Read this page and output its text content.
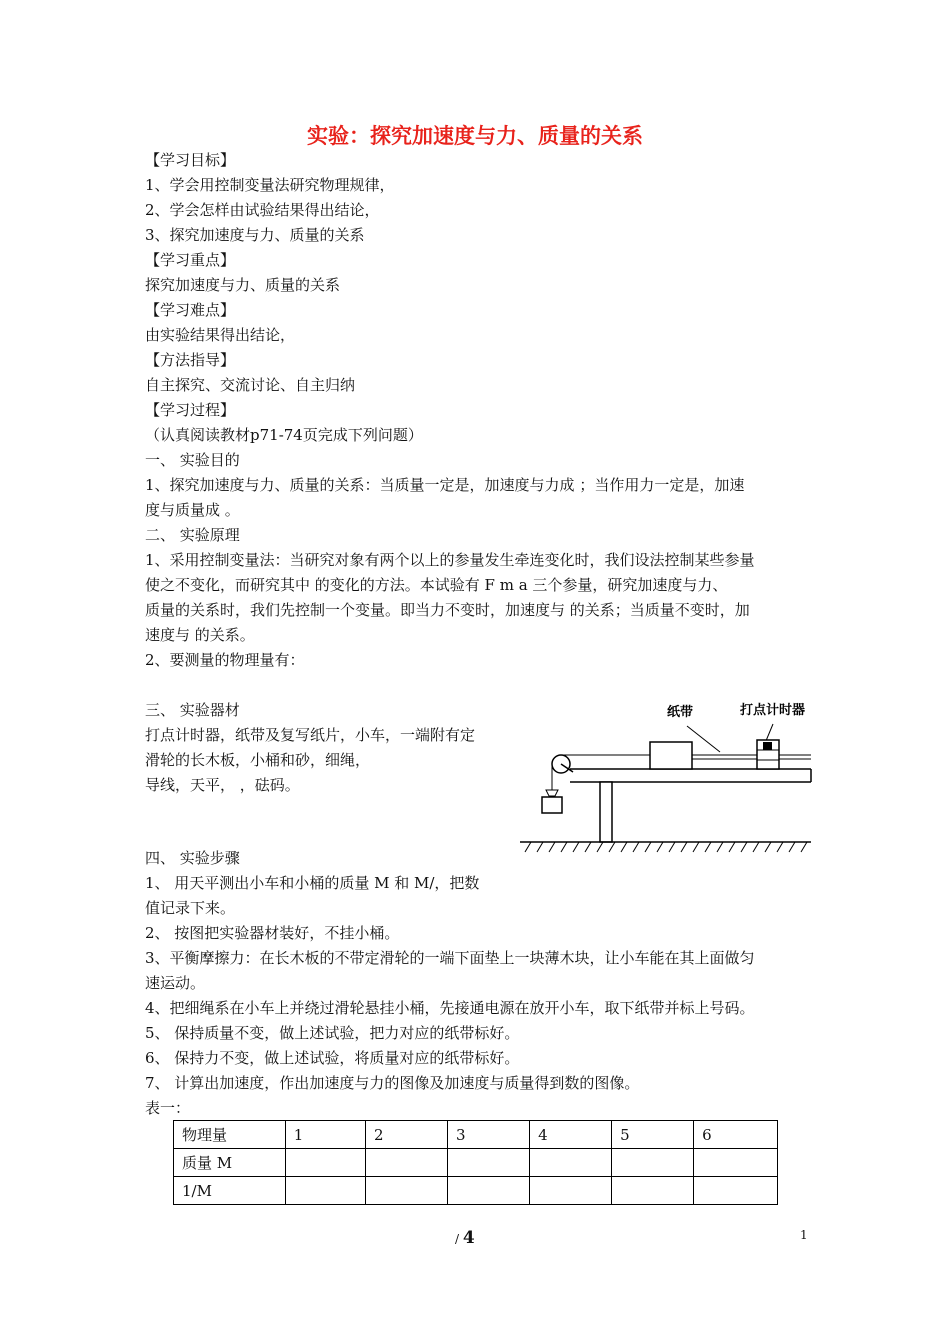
实验：探究加速度与力、质量的关系
【学习目标】
1、学会用控制变量法研究物理规律，
2、学会怎样由试验结果得出结论，
3、探究加速度与力、质量的关系
【学习重点】
探究加速度与力、质量的关系
【学习难点】
由实验结果得出结论，
【方法指导】
自主探究、交流讨论、自主归纳
【学习过程】
（认真阅读教材p71-74页完成下列问题）
一、 实验目的
1、探究加速度与力、质量的关系：当质量一定是，加速度与力成 ；当作用力一定是，加速
度与质量成 。
二、 实验原理
1、采用控制变量法：当研究对象有两个以上的参量发生牵连变化时，我们设法控制某些参量
使之不变化，而研究其中 的变化的方法。本试验有 F m a 三个参量，研究加速度与力、
质量的关系时，我们先控制一个变量。即当力不变时，加速度与 的关系；当质量不变时，加
速度与 的关系。
2、要测量的物理量有：
三、 实验器材
打点计时器，纸带及复写纸片，小车，一端附有定
滑轮的长木板，小桶和砂，细绳，
导线，天平， ，砝码。
四、 实验步骤
1、 用天平测出小车和小桶的质量 M 和 M/，把数
值记录下来。
2、 按图把实验器材装好，不挂小桶。
3、平衡摩擦力：在长木板的不带定滑轮的一端下面垫上一块薄木块，让小车能在其上面做匀
速运动。
4、把细绳系在小车上并绕过滑轮悬挂小桶，先接通电源在放开小车，取下纸带并标上号码。
5、 保持质量不变，做上述试验，把力对应的纸带标好。
6、 保持力不变，做上述试验，将质量对应的纸带标好。
7、 计算出加速度，作出加速度与力的图像及加速度与质量得到数的图像。
表一：
纸带	打点计时器
物理量	1	2	3	4	5	6
质量 M						
1/M						
/ 4	1
